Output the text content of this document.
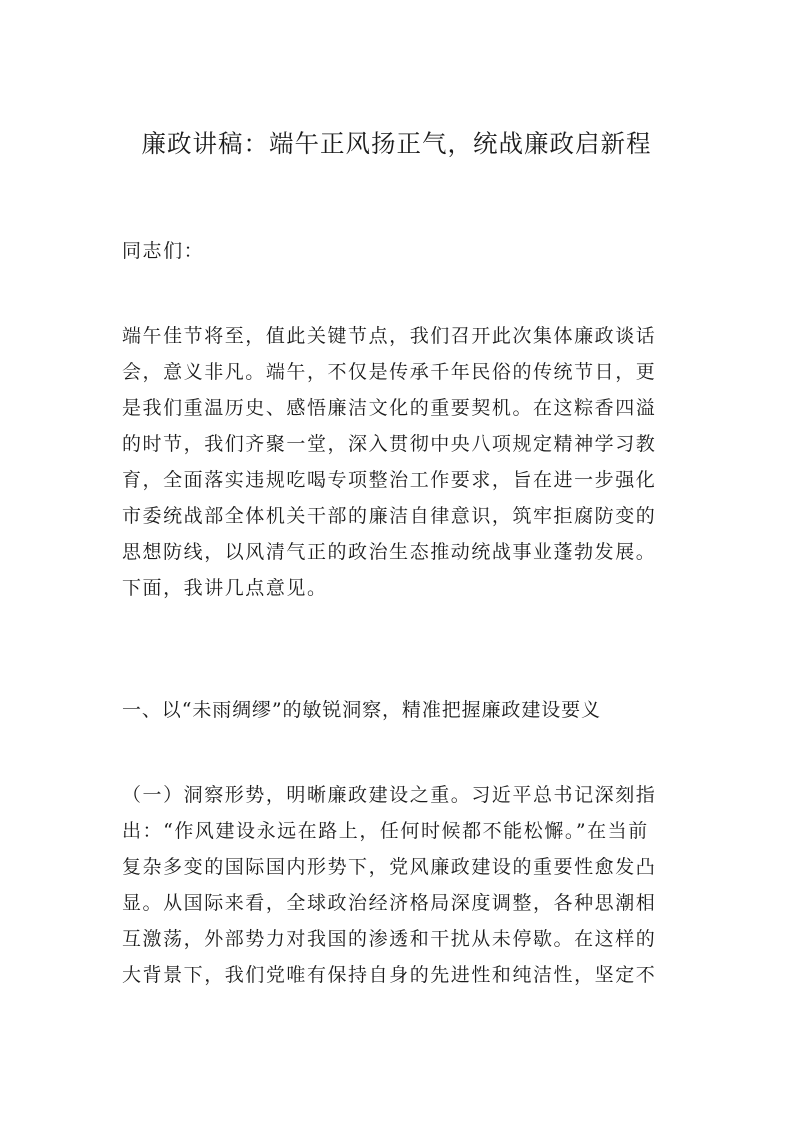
廉政讲稿：端午正风扬正气，统战廉政启新程

同志们：

端午佳节将至，值此关键节点，我们召开此次集体廉政谈话
会，意义非凡。端午，不仅是传承千年民俗的传统节日，更
是我们重温历史、感悟廉洁文化的重要契机。在这粽香四溢
的时节，我们齐聚一堂，深入贯彻中央八项规定精神学习教
育，全面落实违规吃喝专项整治工作要求，旨在进一步强化
市委统战部全体机关干部的廉洁自律意识，筑牢拒腐防变的
思想防线，以风清气正的政治生态推动统战事业蓬勃发展。
下面，我讲几点意见。

一、以“未雨绸缪”的敏锐洞察，精准把握廉政建设要义

（一）洞察形势，明晰廉政建设之重。习近平总书记深刻指
出：“作风建设永远在路上，任何时候都不能松懈。”在当前
复杂多变的国际国内形势下，党风廉政建设的重要性愈发凸
显。从国际来看，全球政治经济格局深度调整，各种思潮相
互激荡，外部势力对我国的渗透和干扰从未停歇。在这样的
大背景下，我们党唯有保持自身的先进性和纯洁性，坚定不
